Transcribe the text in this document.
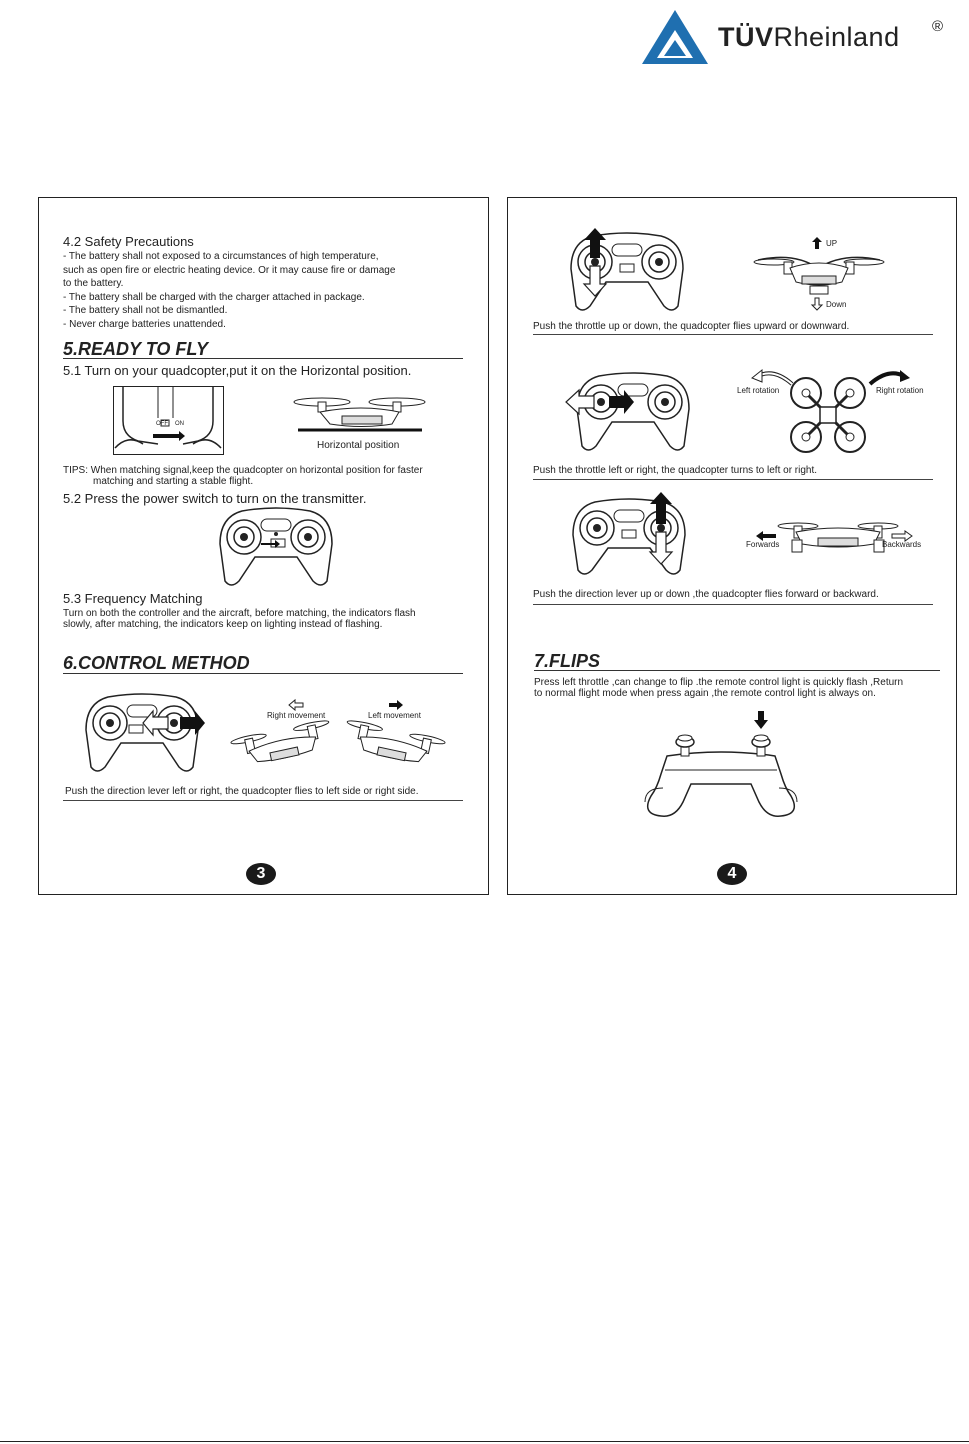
TÜVRheinland ®
4.2 Safety Precautions
- The battery shall not exposed to a circumstances of high temperature,
such as open fire or electric heating device. Or it may cause fire or damage
to the battery.
- The battery shall be charged with the charger attached in package.
- The battery shall not be dismantled.
- Never charge batteries unattended.
5.READY TO FLY
5.1 Turn on your quadcopter,put it on the Horizontal position.
OFF ON
Horizontal position
TIPS: When matching signal,keep the quadcopter on horizontal position for faster
matching and starting a stable flight.
5.2 Press the power switch to turn on the transmitter.
5.3 Frequency Matching
Turn on both the controller and the aircraft, before matching, the indicators flash
slowly, after matching, the indicators keep on lighting instead of flashing.
6.CONTROL METHOD
Right movement	Left movement
Push the direction lever left or right, the quadcopter flies to left side or right side.
3
UP
Down
Push the throttle up or down, the quadcopter flies upward or downward.
Left rotation	Right rotation
Push the throttle left or right, the quadcopter turns to left or right.
Forwards	Backwards
Push the direction lever up or down ,the quadcopter flies forward or backward.
7.FLIPS
Press left throttle ,can change to flip .the remote control light is quickly flash ,Return
to normal flight mode when press again ,the remote control light is always on.
4
